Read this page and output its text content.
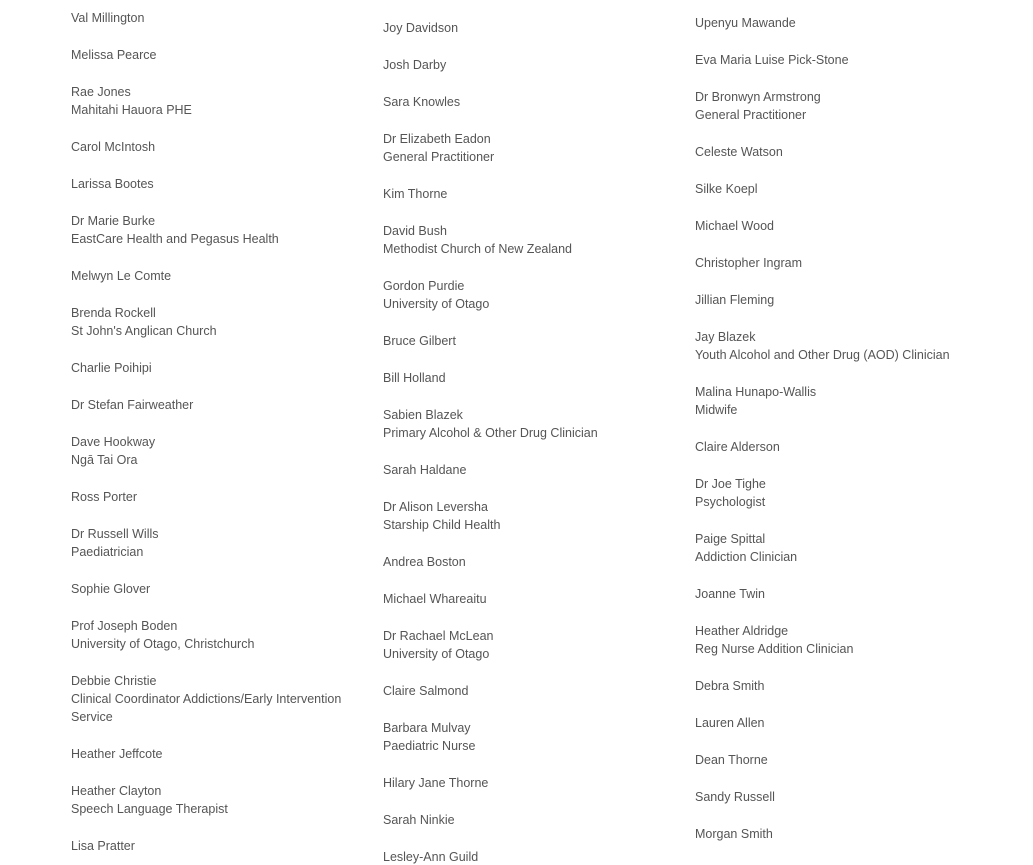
Val Millington
Melissa Pearce
Rae Jones
Mahitahi Hauora PHE
Carol McIntosh
Larissa Bootes
Dr Marie Burke
EastCare Health and Pegasus Health
Melwyn Le Comte
Brenda Rockell
St John's Anglican Church
Charlie Poihipi
Dr Stefan Fairweather
Dave Hookway
Ngā Tai Ora
Ross Porter
Dr Russell Wills
Paediatrician
Sophie Glover
Prof Joseph Boden
University of Otago, Christchurch
Debbie Christie
Clinical Coordinator Addictions/Early Intervention Service
Heather Jeffcote
Heather Clayton
Speech Language Therapist
Lisa Pratter
Joy Davidson
Josh Darby
Sara Knowles
Dr Elizabeth Eadon
General Practitioner
Kim Thorne
David Bush
Methodist Church of New Zealand
Gordon Purdie
University of Otago
Bruce Gilbert
Bill Holland
Sabien Blazek
Primary Alcohol & Other Drug Clinician
Sarah Haldane
Dr Alison Leversha
Starship Child Health
Andrea Boston
Michael Whareaitu
Dr Rachael McLean
University of Otago
Claire Salmond
Barbara Mulvay
Paediatric Nurse
Hilary Jane Thorne
Sarah Ninkie
Lesley-Ann Guild
Upenyu Mawande
Eva Maria Luise Pick-Stone
Dr Bronwyn Armstrong
General Practitioner
Celeste Watson
Silke Koepl
Michael Wood
Christopher Ingram
Jillian Fleming
Jay Blazek
Youth Alcohol and Other Drug (AOD) Clinician
Malina Hunapo-Wallis
Midwife
Claire Alderson
Dr Joe Tighe
Psychologist
Paige Spittal
Addiction Clinician
Joanne Twin
Heather Aldridge
Reg Nurse Addition Clinician
Debra Smith
Lauren Allen
Dean Thorne
Sandy Russell
Morgan Smith
